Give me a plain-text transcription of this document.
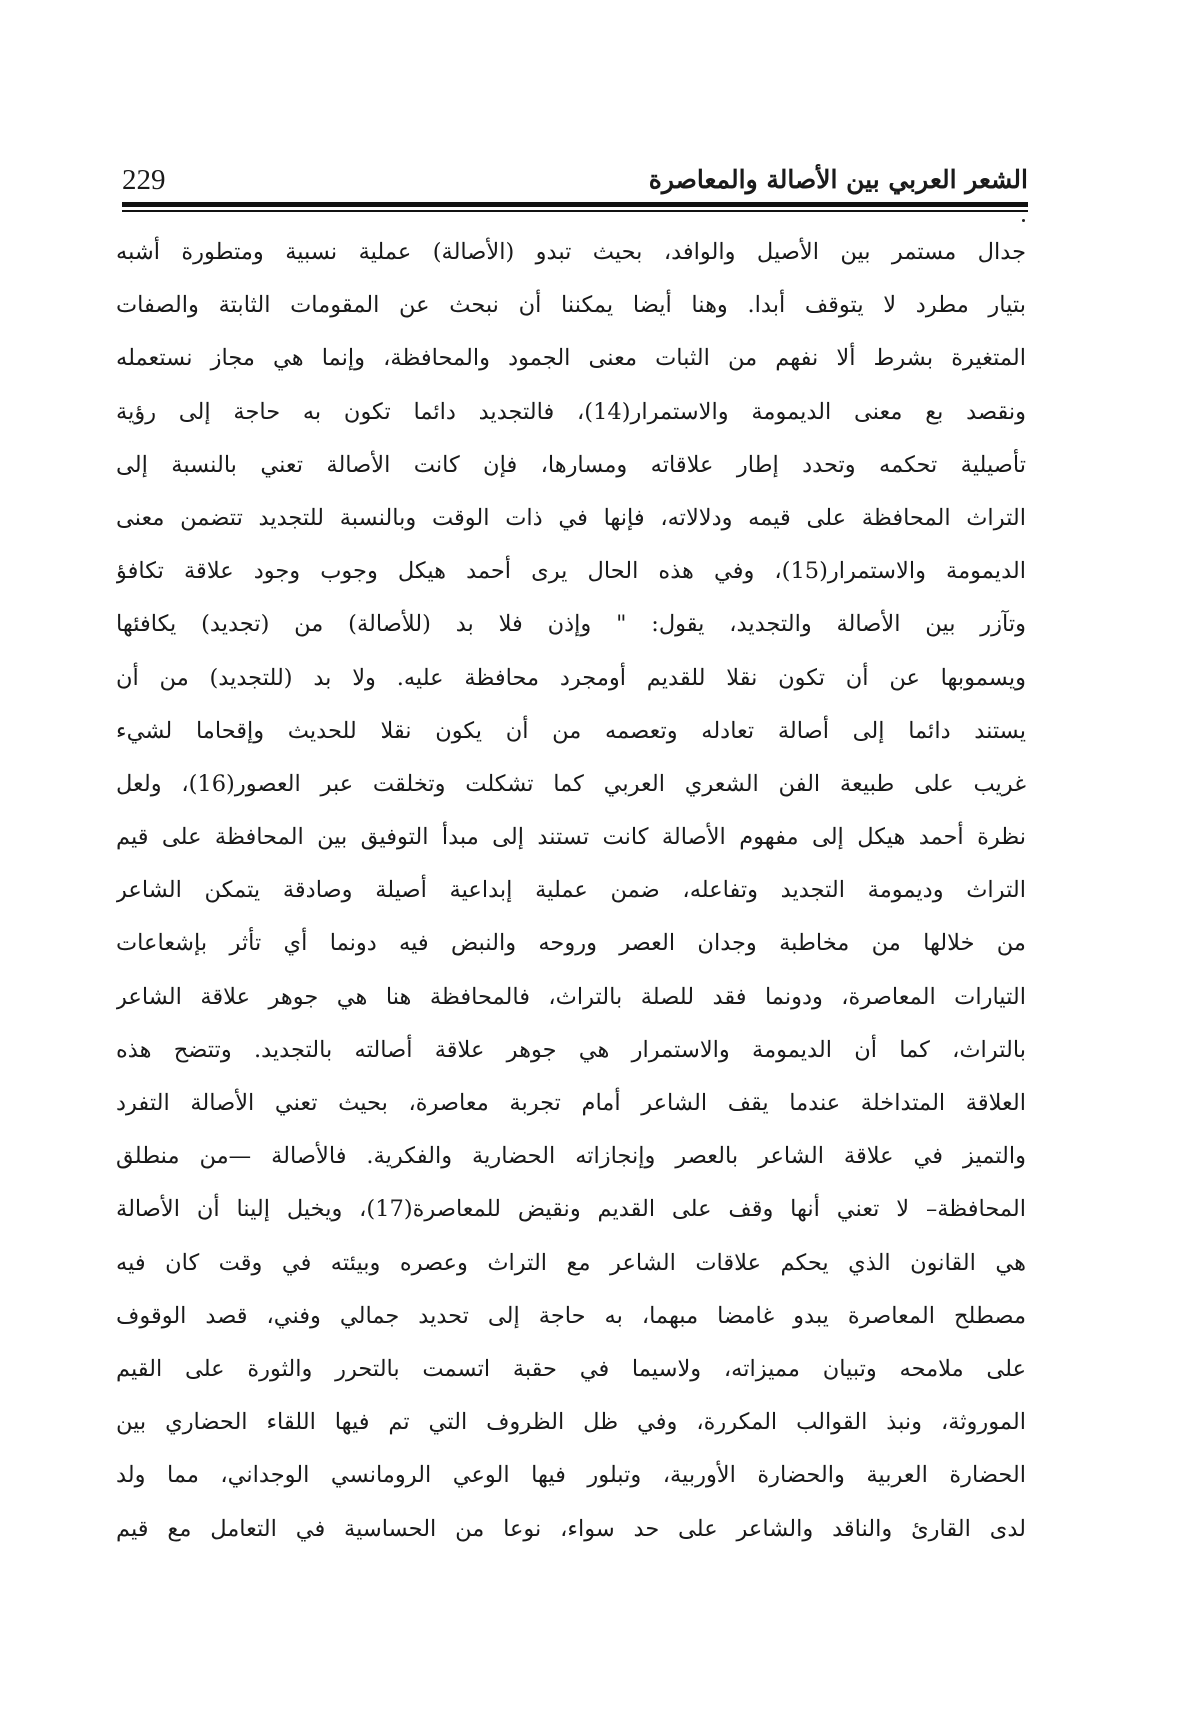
الشعر العربي بين الأصالة والمعاصرة
229
جدال مستمر بين الأصيل والوافد، بحيث تبدو (الأصالة) عملية نسبية ومتطورة أشبه
بتيار مطرد لا يتوقف أبدا. وهنا أيضا يمكننا أن نبحث عن المقومات الثابتة والصفات
المتغيرة بشرط ألا نفهم من الثبات معنى الجمود والمحافظة، وإنما هي مجاز نستعمله
ونقصد بع معنى الديمومة والاستمرار(14)، فالتجديد دائما تكون به حاجة إلى رؤية
تأصيلية تحكمه وتحدد إطار علاقاته ومسارها، فإن كانت الأصالة تعني بالنسبة إلى
التراث المحافظة على قيمه ودلالاته، فإنها في ذات الوقت وبالنسبة للتجديد تتضمن معنى
الديمومة والاستمرار(15)، وفي هذه الحال يرى أحمد هيكل وجوب وجود علاقة تكافؤ
وتآزر بين الأصالة والتجديد، يقول: " وإذن فلا بد (للأصالة) من (تجديد) يكافئها
ويسموبها عن أن تكون نقلا للقديم أومجرد محافظة عليه. ولا بد (للتجديد) من أن
يستند دائما إلى أصالة تعادله وتعصمه من أن يكون نقلا للحديث وإقحاما لشيء
غريب على طبيعة الفن الشعري العربي كما تشكلت وتخلقت عبر العصور(16)، ولعل
نظرة أحمد هيكل إلى مفهوم الأصالة كانت تستند إلى مبدأ التوفيق بين المحافظة على قيم
التراث وديمومة التجديد وتفاعله، ضمن عملية إبداعية أصيلة وصادقة يتمكن الشاعر
من خلالها من مخاطبة وجدان العصر وروحه والنبض فيه دونما أي تأثر بإشعاعات
التيارات المعاصرة، ودونما فقد للصلة بالتراث، فالمحافظة هنا هي جوهر علاقة الشاعر
بالتراث، كما أن الديمومة والاستمرار هي جوهر علاقة أصالته بالتجديد. وتتضح هذه
العلاقة المتداخلة عندما يقف الشاعر أمام تجربة معاصرة، بحيث تعني الأصالة التفرد
والتميز في علاقة الشاعر بالعصر وإنجازاته الحضارية والفكرية. فالأصالة —من منطلق
المحافظة– لا تعني أنها وقف على القديم ونقيض للمعاصرة(17)، ويخيل إلينا أن الأصالة
هي القانون الذي يحكم علاقات الشاعر مع التراث وعصره وبيئته في وقت كان فيه
مصطلح المعاصرة يبدو غامضا مبهما، به حاجة إلى تحديد جمالي وفني، قصد الوقوف
على ملامحه وتبيان مميزاته، ولاسيما في حقبة اتسمت بالتحرر والثورة على القيم
الموروثة، ونبذ القوالب المكررة، وفي ظل الظروف التي تم فيها اللقاء الحضاري بين
الحضارة العربية والحضارة الأوربية، وتبلور فيها الوعي الرومانسي الوجداني، مما ولد
لدى القارئ والناقد والشاعر على حد سواء، نوعا من الحساسية في التعامل مع قيم
